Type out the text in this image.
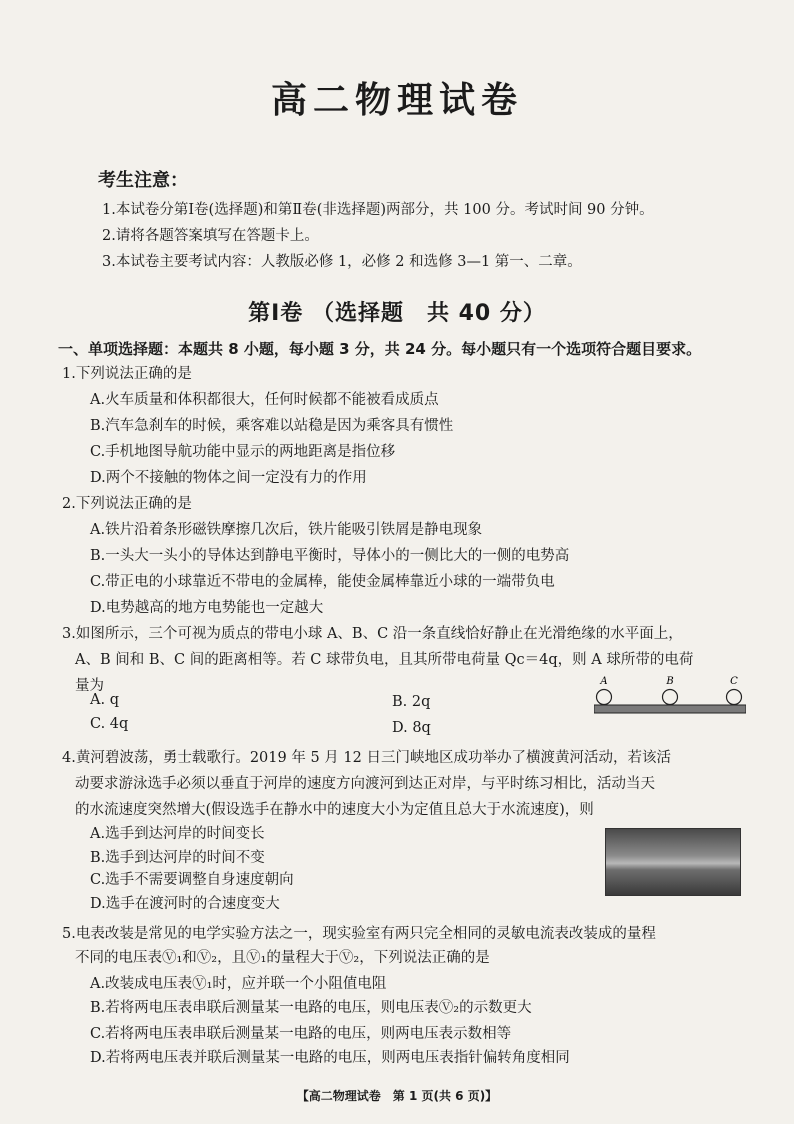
高二物理试卷
考生注意：
1.本试卷分第Ⅰ卷(选择题)和第Ⅱ卷(非选择题)两部分，共 100 分。考试时间 90 分钟。
2.请将各题答案填写在答题卡上。
3.本试卷主要考试内容：人教版必修 1，必修 2 和选修 3—1 第一、二章。
第Ⅰ卷 （选择题　共 40 分）
一、单项选择题：本题共 8 小题，每小题 3 分，共 24 分。每小题只有一个选项符合题目要求。
1.下列说法正确的是
A.火车质量和体积都很大，任何时候都不能被看成质点
B.汽车急刹车的时候，乘客难以站稳是因为乘客具有惯性
C.手机地图导航功能中显示的两地距离是指位移
D.两个不接触的物体之间一定没有力的作用
2.下列说法正确的是
A.铁片沿着条形磁铁摩擦几次后，铁片能吸引铁屑是静电现象
B.一头大一头小的导体达到静电平衡时，导体小的一侧比大的一侧的电势高
C.带正电的小球靠近不带电的金属棒，能使金属棒靠近小球的一端带负电
D.电势越高的地方电势能也一定越大
3.如图所示，三个可视为质点的带电小球 A、B、C 沿一条直线恰好静止在光滑绝缘的水平面上，
A、B 间和 B、C 间的距离相等。若 C 球带负电，且其所带电荷量 Qc＝4q，则 A 球所带的电荷
量为
A. q	B. 2q
C. 4q	D. 8q
A	B	C
4.黄河碧波荡，勇士载歌行。2019 年 5 月 12 日三门峡地区成功举办了横渡黄河活动，若该活
动要求游泳选手必须以垂直于河岸的速度方向渡河到达正对岸，与平时练习相比，活动当天
的水流速度突然增大(假设选手在静水中的速度大小为定值且总大于水流速度)，则
A.选手到达河岸的时间变长
B.选手到达河岸的时间不变
C.选手不需要调整自身速度朝向
D.选手在渡河时的合速度变大
5.电表改装是常见的电学实验方法之一，现实验室有两只完全相同的灵敏电流表改装成的量程
不同的电压表Ⓥ₁和Ⓥ₂，且Ⓥ₁的量程大于Ⓥ₂，下列说法正确的是
A.改装成电压表Ⓥ₁时，应并联一个小阻值电阻
B.若将两电压表串联后测量某一电路的电压，则电压表Ⓥ₂的示数更大
C.若将两电压表串联后测量某一电路的电压，则两电压表示数相等
D.若将两电压表并联后测量某一电路的电压，则两电压表指针偏转角度相同
【高二物理试卷　第 1 页(共 6 页)】
